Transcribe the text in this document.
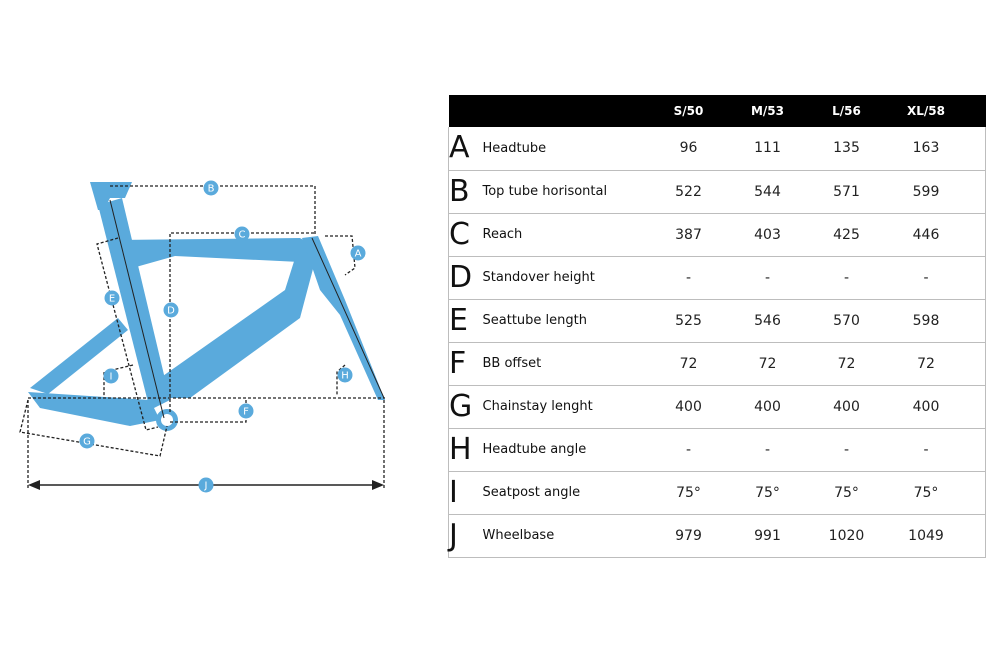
A
B
C
D
E
F
G
H
I
J
		S/50	M/53	L/56	XL/58	
A	Headtube	96	111	135	163	
B	Top tube horisontal	522	544	571	599	
C	Reach	387	403	425	446	
D	Standover height	-	-	-	-	
E	Seattube length	525	546	570	598	
F	BB offset	72	72	72	72	
G	Chainstay lenght	400	400	400	400	
H	Headtube angle	-	-	-	-	
I	Seatpost angle	75°	75°	75°	75°	
J	Wheelbase	979	991	1020	1049	
